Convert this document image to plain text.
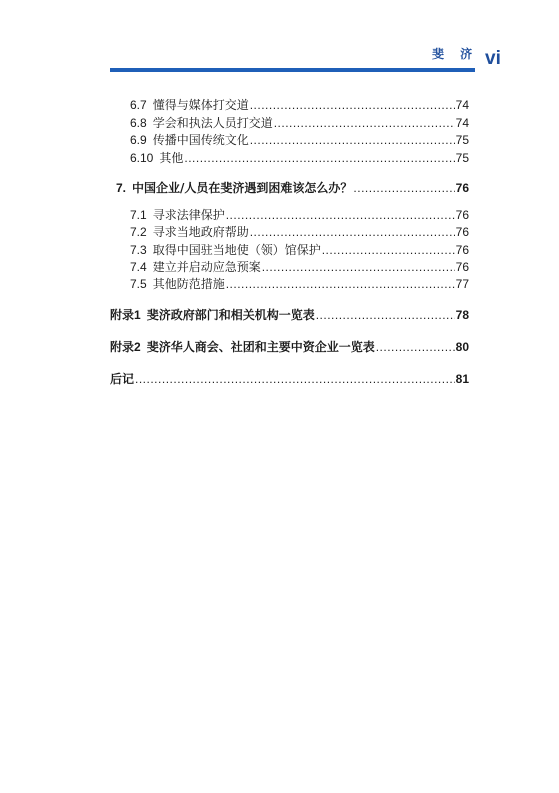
斐 济 vi
6.7 懂得与媒体打交道 .....	74
6.8 学会和执法人员打交道 .....	74
6.9 传播中国传统文化 .....	75
6.10 其他 .....	75
7. 中国企业/人员在斐济遇到困难该怎么办？ .....	76
7.1 寻求法律保护 .....	76
7.2 寻求当地政府帮助 .....	76
7.3 取得中国驻当地使（领）馆保护 .....	76
7.4 建立并启动应急预案 .....	76
7.5 其他防范措施 .....	77
附录1 斐济政府部门和相关机构一览表 .....	78
附录2 斐济华人商会、社团和主要中资企业一览表 .....	80
后记 .....	81
